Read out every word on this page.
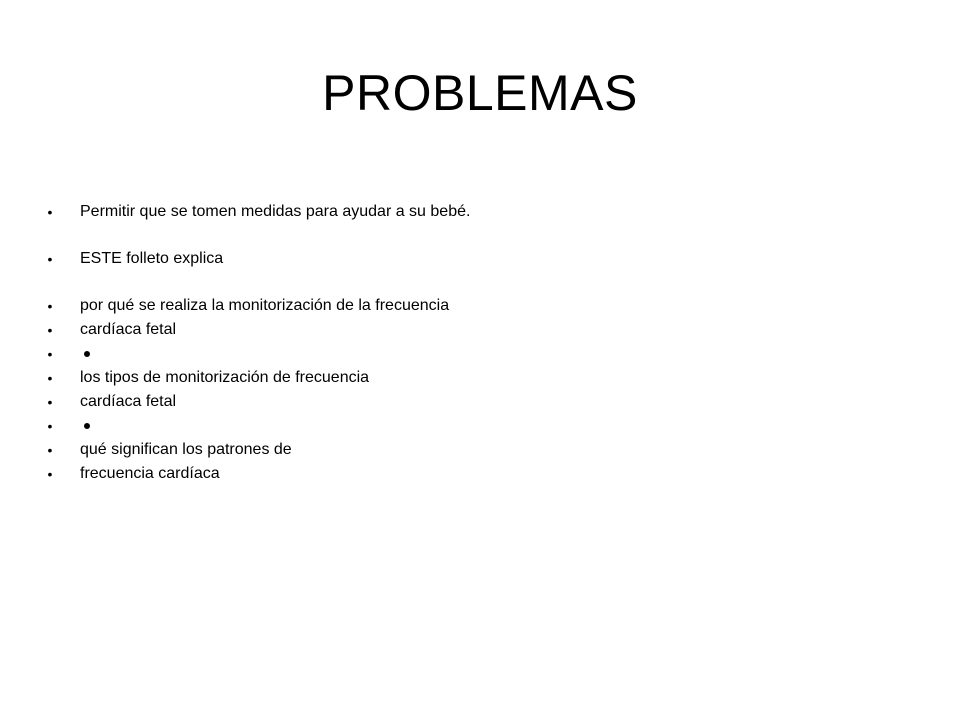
PROBLEMAS
• Permitir que se tomen medidas para ayudar a su bebé.
• ESTE folleto explica
• por qué se realiza la monitorización de la frecuencia
• cardíaca fetal
•
• los tipos de monitorización de frecuencia
• cardíaca fetal
•
• qué significan los patrones de
• frecuencia cardíaca
